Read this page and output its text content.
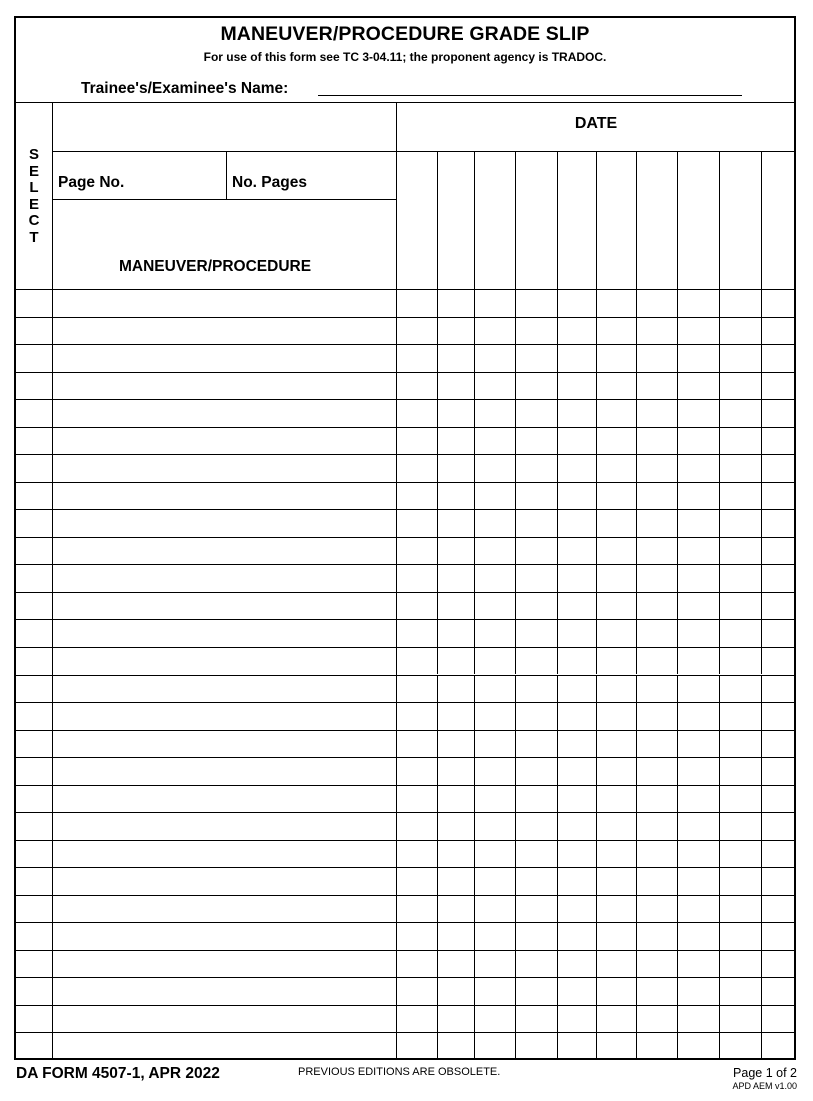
MANEUVER/PROCEDURE GRADE SLIP
For use of this form see TC 3-04.11; the proponent agency is TRADOC.
Trainee's/Examinee's Name:
SELECT
DATE
Page No.	No. Pages
MANEUVER/PROCEDURE
DA FORM 4507-1, APR 2022	PREVIOUS EDITIONS ARE OBSOLETE.	Page 1 of 2
APD AEM v1.00
